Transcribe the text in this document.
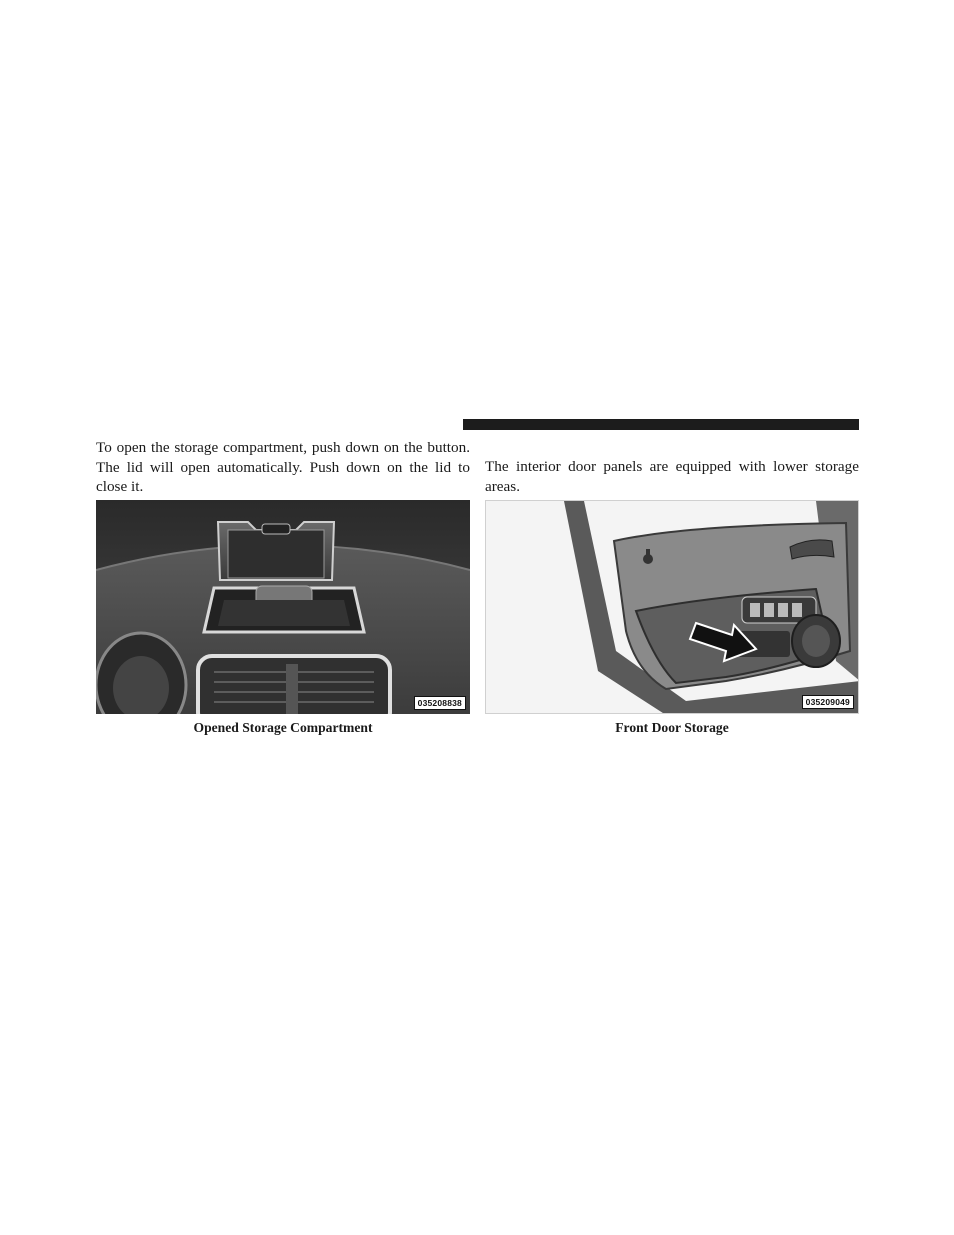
To open the storage compartment, push down on the button. The lid will open automatically. Push down on the lid to close it.

The interior door panels are equipped with lower storage areas.

035208838	035209049
Opened Storage Compartment	Front Door Storage
